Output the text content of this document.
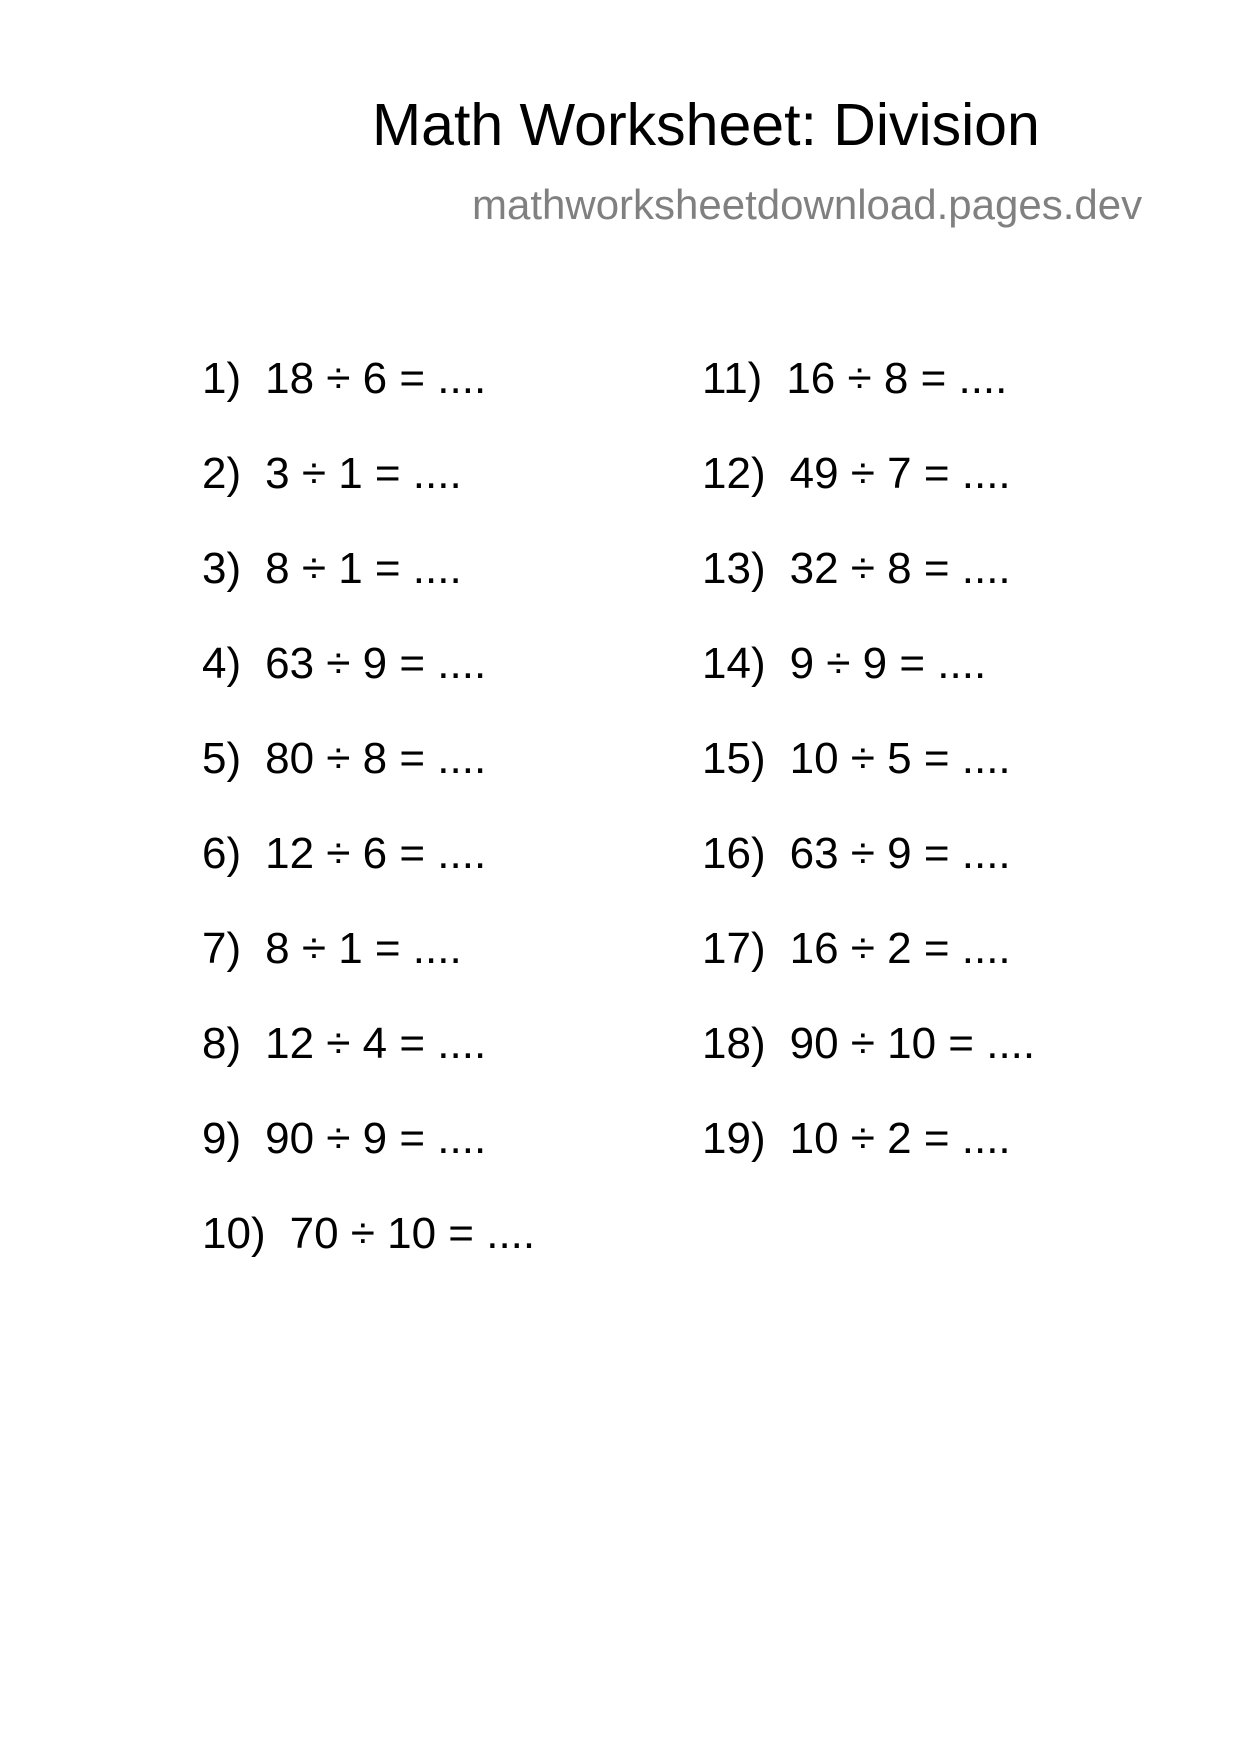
Math Worksheet: Division
mathworksheetdownload.pages.dev
1) 18 ÷ 6 = ....
2) 3 ÷ 1 = ....
3) 8 ÷ 1 = ....
4) 63 ÷ 9 = ....
5) 80 ÷ 8 = ....
6) 12 ÷ 6 = ....
7) 8 ÷ 1 = ....
8) 12 ÷ 4 = ....
9) 90 ÷ 9 = ....
10) 70 ÷ 10 = ....
11) 16 ÷ 8 = ....
12) 49 ÷ 7 = ....
13) 32 ÷ 8 = ....
14) 9 ÷ 9 = ....
15) 10 ÷ 5 = ....
16) 63 ÷ 9 = ....
17) 16 ÷ 2 = ....
18) 90 ÷ 10 = ....
19) 10 ÷ 2 = ....
